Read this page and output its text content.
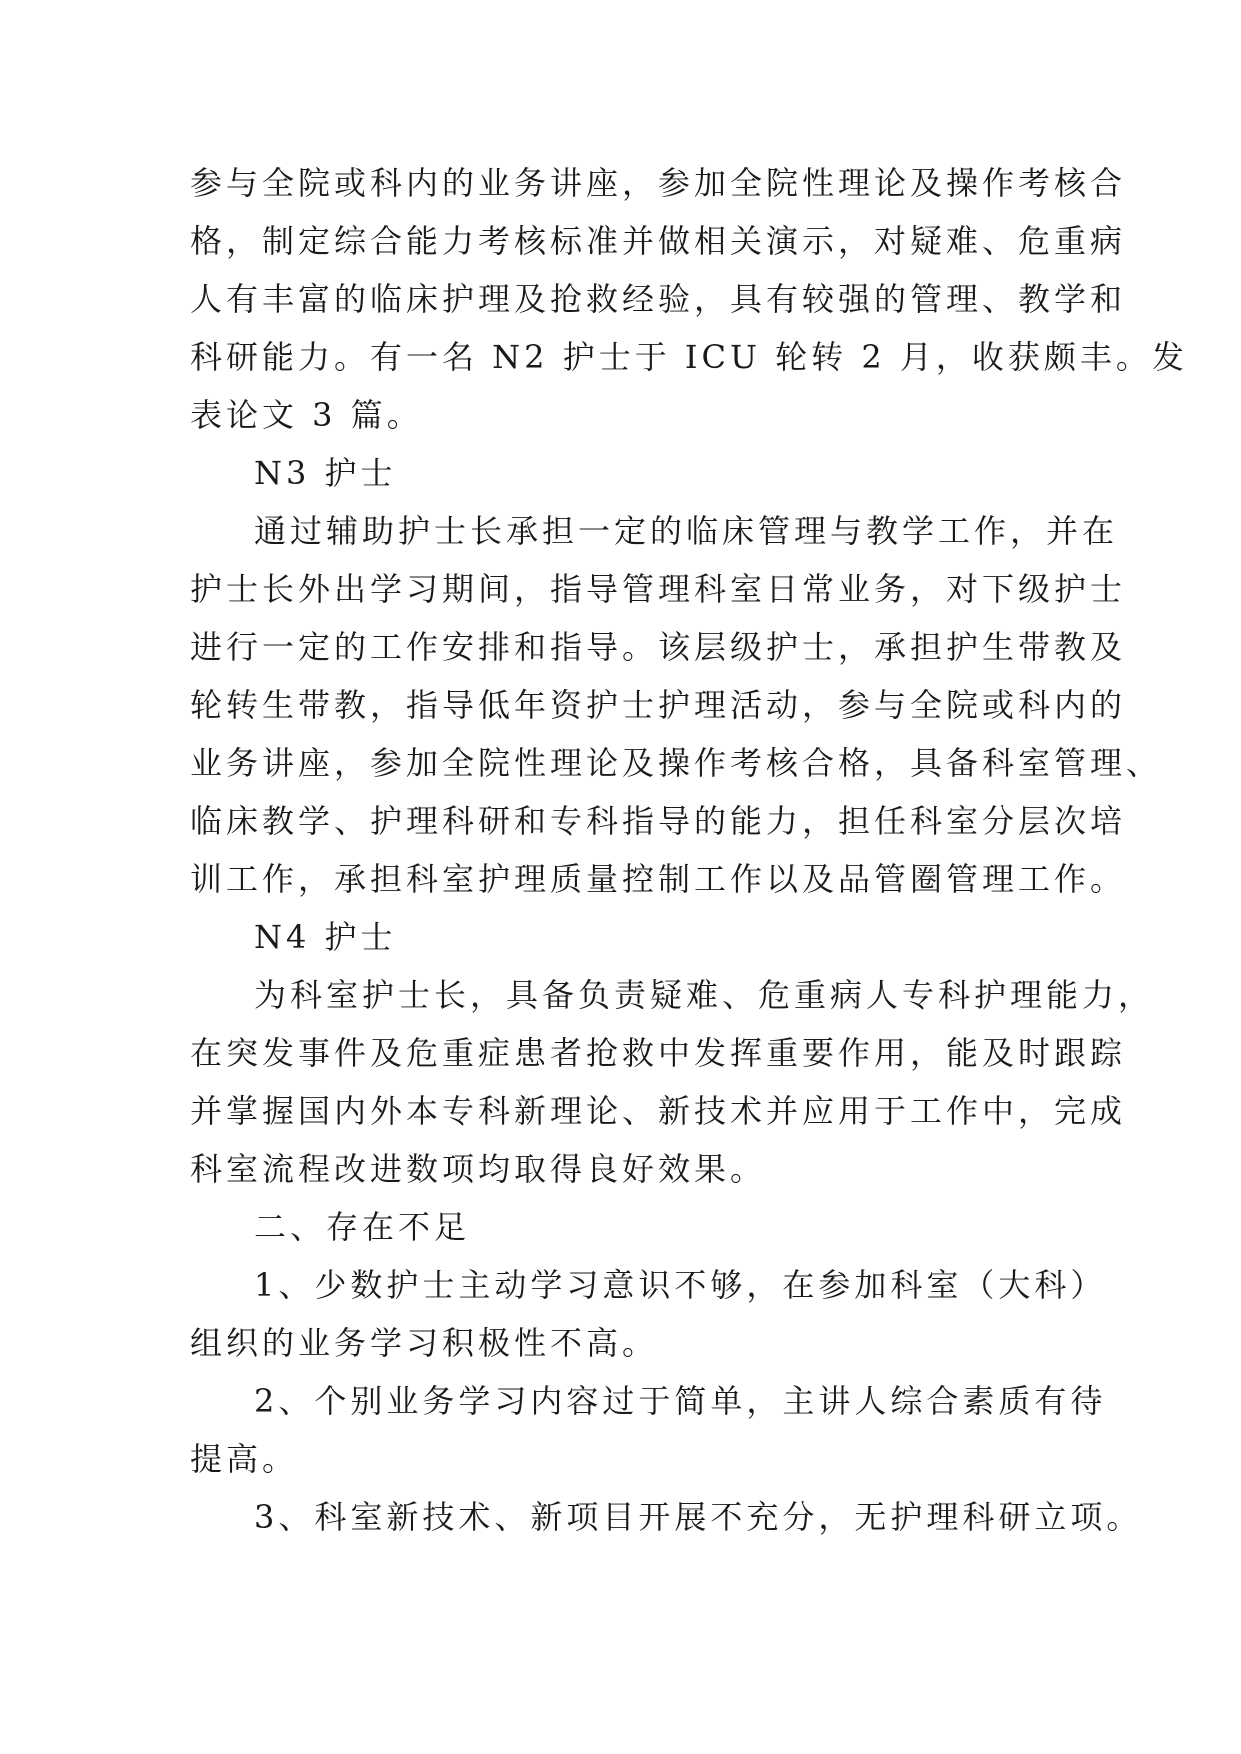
参与全院或科内的业务讲座，参加全院性理论及操作考核合
格，制定综合能力考核标准并做相关演示，对疑难、危重病
人有丰富的临床护理及抢救经验，具有较强的管理、教学和
科研能力。有一名 N2 护士于 ICU 轮转 2 月，收获颇丰。发
表论文 3 篇。
N3 护士
通过辅助护士长承担一定的临床管理与教学工作，并在
护士长外出学习期间，指导管理科室日常业务，对下级护士
进行一定的工作安排和指导。该层级护士，承担护生带教及
轮转生带教，指导低年资护士护理活动，参与全院或科内的
业务讲座，参加全院性理论及操作考核合格，具备科室管理、
临床教学、护理科研和专科指导的能力，担任科室分层次培
训工作，承担科室护理质量控制工作以及品管圈管理工作。
N4 护士
为科室护士长，具备负责疑难、危重病人专科护理能力，
在突发事件及危重症患者抢救中发挥重要作用，能及时跟踪
并掌握国内外本专科新理论、新技术并应用于工作中，完成
科室流程改进数项均取得良好效果。
二、存在不足
1、少数护士主动学习意识不够，在参加科室（大科）
组织的业务学习积极性不高。
2、个别业务学习内容过于简单，主讲人综合素质有待
提高。
3、科室新技术、新项目开展不充分，无护理科研立项。
